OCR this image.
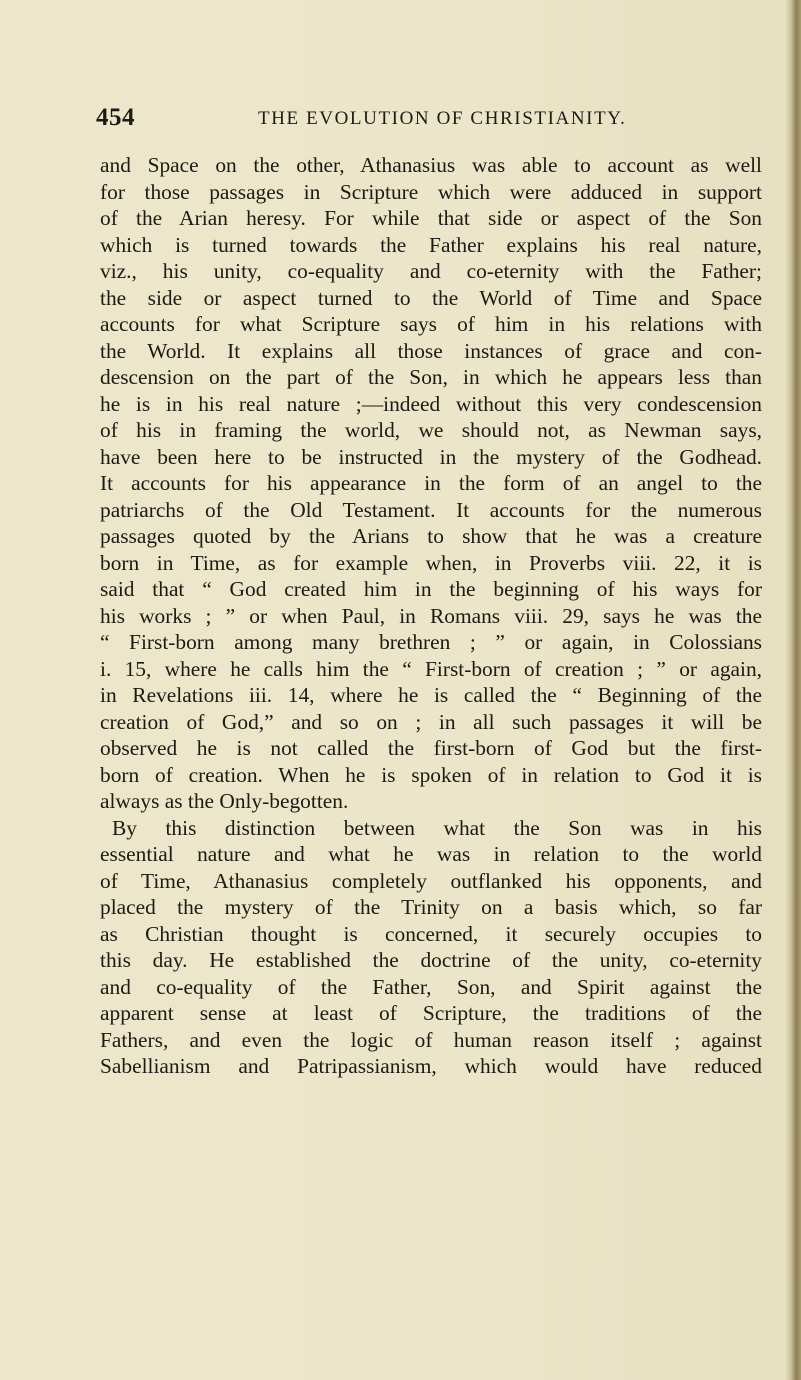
454	THE EVOLUTION OF CHRISTIANITY.
and Space on the other, Athanasius was able to account as well
for those passages in Scripture which were adduced in support
of the Arian heresy. For while that side or aspect of the Son
which is turned towards the Father explains his real nature,
viz., his unity, co-equality and co-eternity with the Father;
the side or aspect turned to the World of Time and Space
accounts for what Scripture says of him in his relations with
the World. It explains all those instances of grace and con-
descension on the part of the Son, in which he appears less than
he is in his real nature ;—indeed without this very condescension
of his in framing the world, we should not, as Newman says,
have been here to be instructed in the mystery of the Godhead.
It accounts for his appearance in the form of an angel to the
patriarchs of the Old Testament. It accounts for the numerous
passages quoted by the Arians to show that he was a creature
born in Time, as for example when, in Proverbs viii. 22, it is
said that “ God created him in the beginning of his ways for
his works ; ” or when Paul, in Romans viii. 29, says he was the
“ First-born among many brethren ; ” or again, in Colossians
i. 15, where he calls him the “ First-born of creation ; ” or again,
in Revelations iii. 14, where he is called the “ Beginning of the
creation of God,” and so on ; in all such passages it will be
observed he is not called the first-born of God but the first-
born of creation. When he is spoken of in relation to God it is
always as the Only-begotten.
By this distinction between what the Son was in his
essential nature and what he was in relation to the world
of Time, Athanasius completely outflanked his opponents, and
placed the mystery of the Trinity on a basis which, so far
as Christian thought is concerned, it securely occupies to
this day. He established the doctrine of the unity, co-eternity
and co-equality of the Father, Son, and Spirit against the
apparent sense at least of Scripture, the traditions of the
Fathers, and even the logic of human reason itself ; against
Sabellianism and Patripassianism, which would have reduced
